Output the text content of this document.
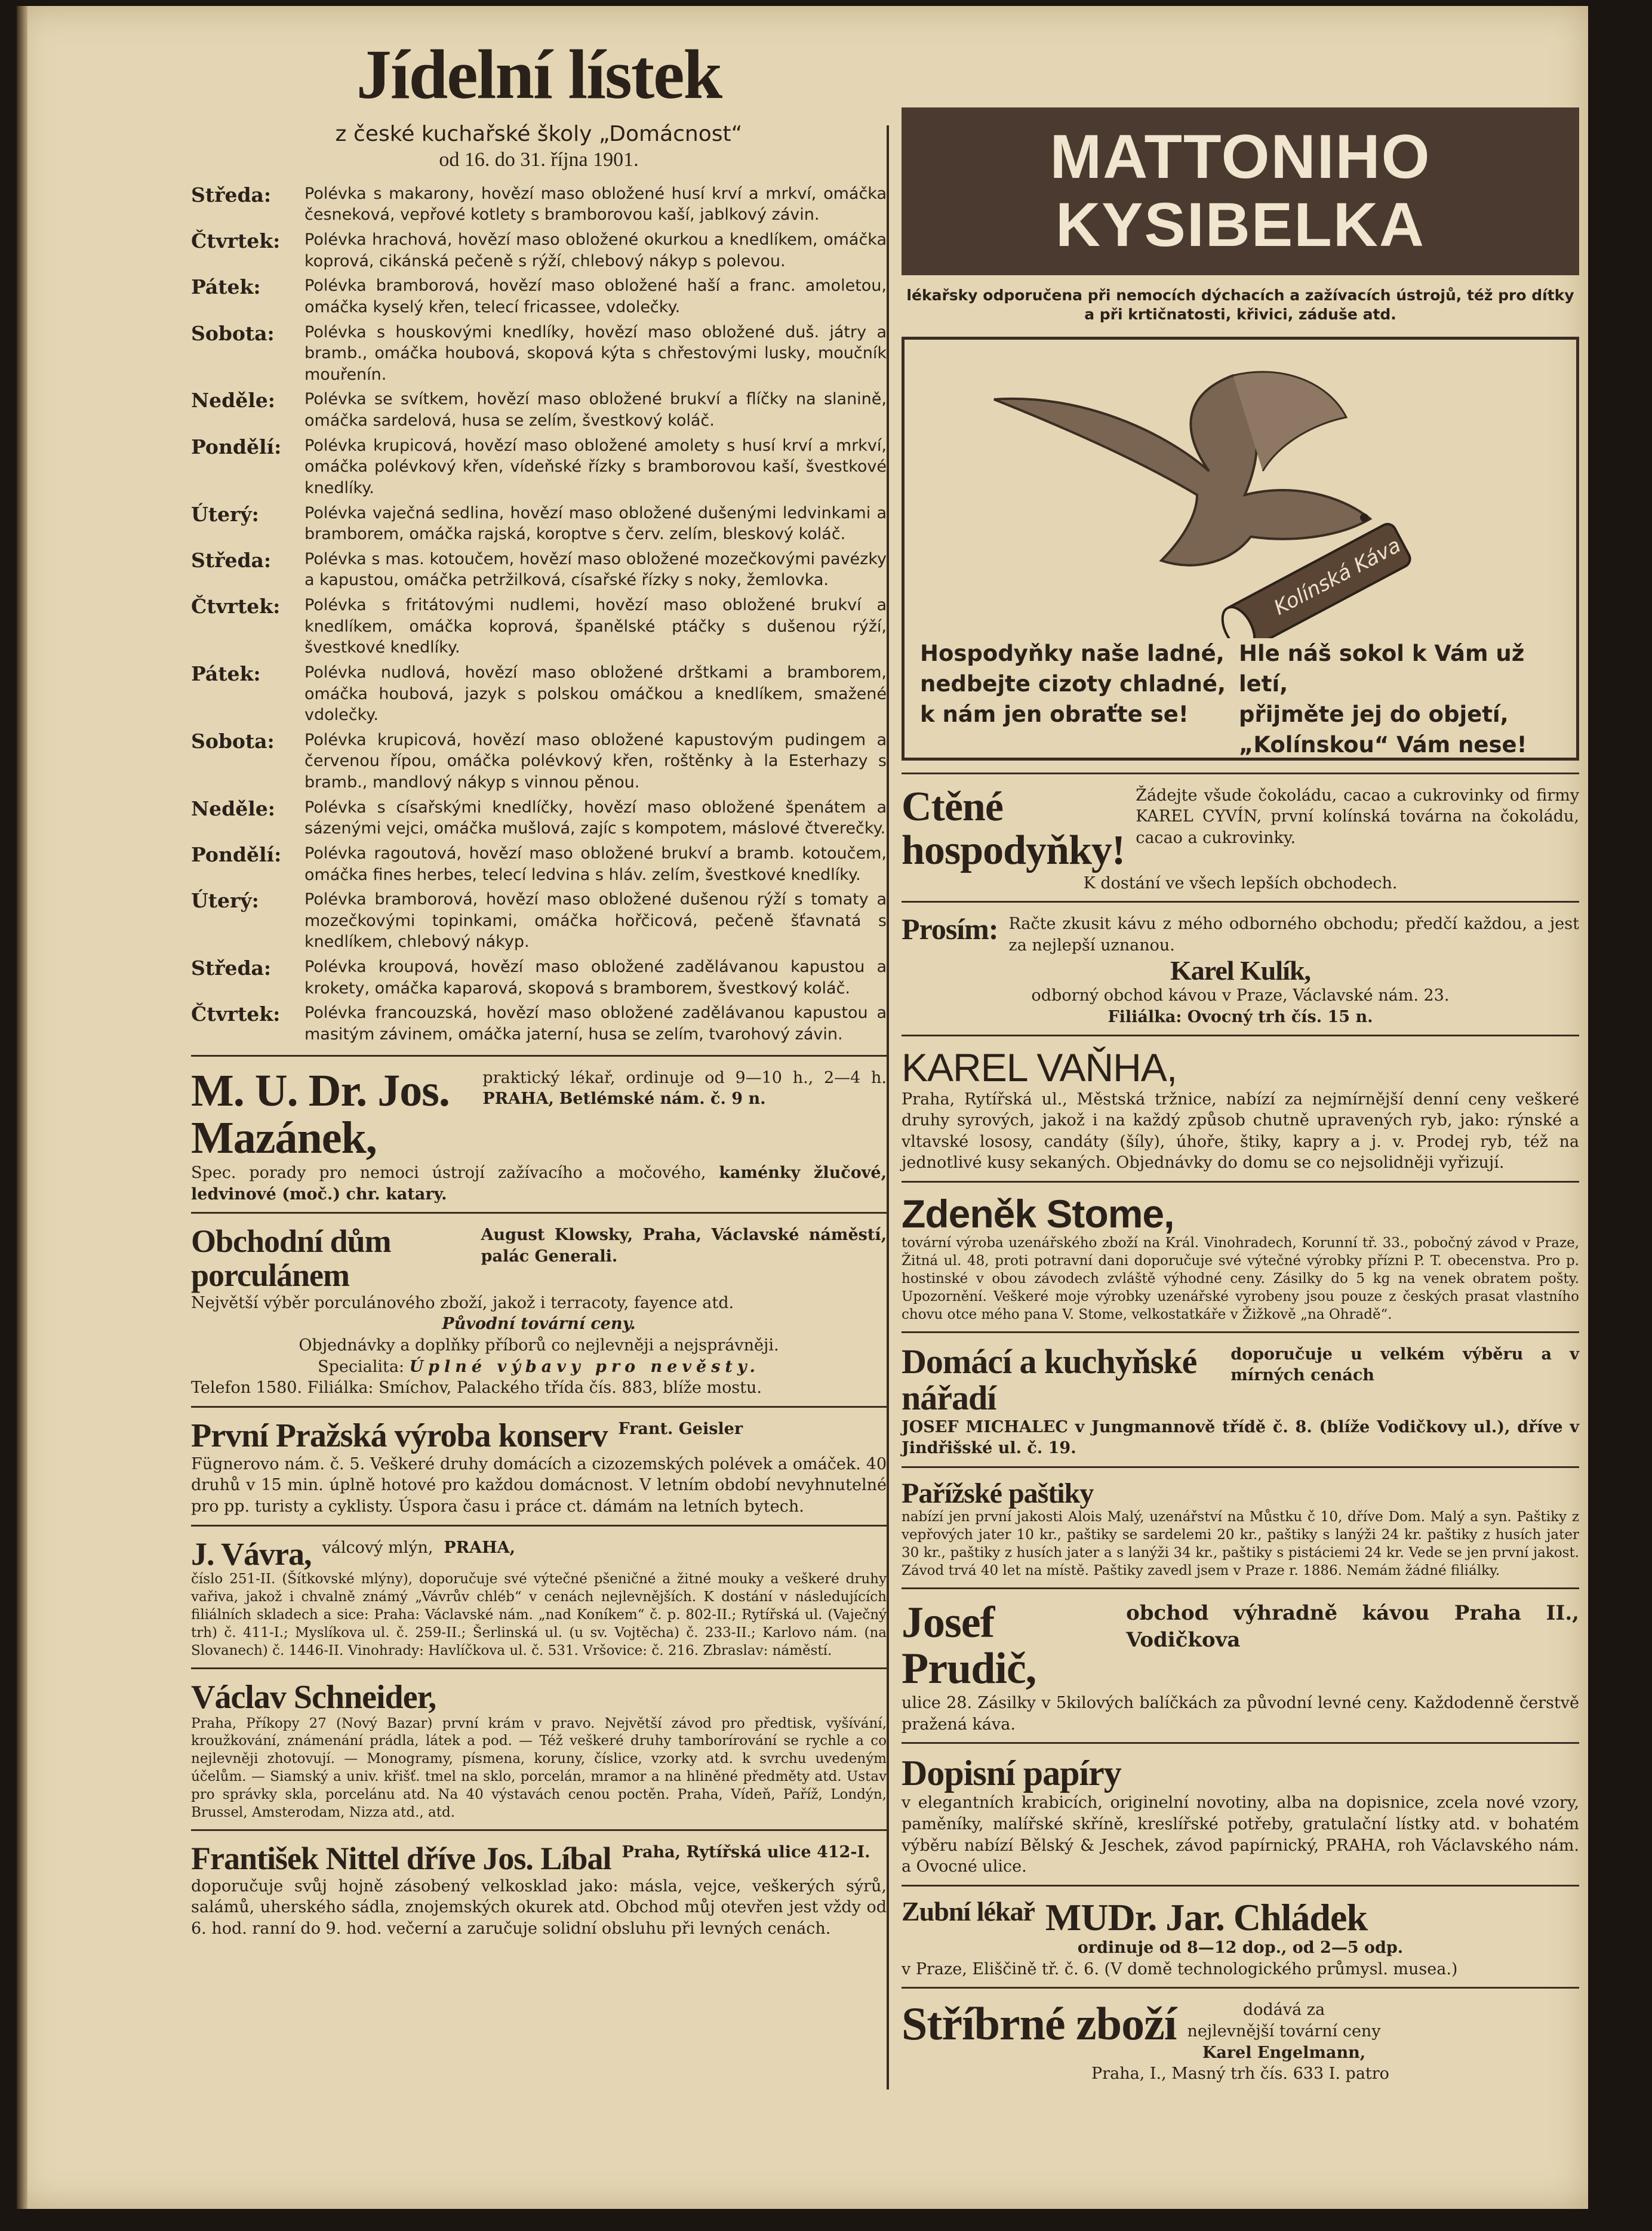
Jídelní lístek
z české kuchařské školy „Domácnost“
od 16. do 31. října 1901.
Středa:	Polévka s makarony, hovězí maso obložené husí krví a mrkví, omáčka česneková, vepřové kotlety s bramborovou kaší, jablkový závin.
Čtvrtek:	Polévka hrachová, hovězí maso obložené okurkou a knedlíkem, omáčka koprová, cikánská pečeně s rýží, chlebový nákyp s polevou.
Pátek:	Polévka bramborová, hovězí maso obložené haší a franc. amoletou, omáčka kyselý křen, telecí fricassee, vdolečky.
Sobota:	Polévka s houskovými knedlíky, hovězí maso obložené duš. játry a bramb., omáčka houbová, skopová kýta s chřestovými lusky, moučník mouřenín.
Neděle:	Polévka se svítkem, hovězí maso obložené brukví a flíčky na slanině, omáčka sardelová, husa se zelím, švestkový koláč.
Pondělí:	Polévka krupicová, hovězí maso obložené amolety s husí krví a mrkví, omáčka polévkový křen, vídeňské řízky s bramborovou kaší, švestkové knedlíky.
Úterý:	Polévka vaječná sedlina, hovězí maso obložené dušenými ledvinkami a bramborem, omáčka rajská, koroptve s červ. zelím, bleskový koláč.
Středa:	Polévka s mas. kotoučem, hovězí maso obložené mozečkovými pavézky a kapustou, omáčka petržilková, císařské řízky s noky, žemlovka.
Čtvrtek:	Polévka s fritátovými nudlemi, hovězí maso obložené brukví a knedlíkem, omáčka koprová, španělské ptáčky s dušenou rýží, švestkové knedlíky.
Pátek:	Polévka nudlová, hovězí maso obložené drštkami a bramborem, omáčka houbová, jazyk s polskou omáčkou a knedlíkem, smažené vdolečky.
Sobota:	Polévka krupicová, hovězí maso obložené kapustovým pudingem a červenou řípou, omáčka polévkový křen, roštěnky à la Esterhazy s bramb., mandlový nákyp s vinnou pěnou.
Neděle:	Polévka s císařskými knedlíčky, hovězí maso obložené špenátem a sázenými vejci, omáčka mušlová, zajíc s kompotem, máslové čtverečky.
Pondělí:	Polévka ragoutová, hovězí maso obložené brukví a bramb. kotoučem, omáčka fines herbes, telecí ledvina s hláv. zelím, švestkové knedlíky.
Úterý:	Polévka bramborová, hovězí maso obložené dušenou rýží s tomaty a mozečkovými topinkami, omáčka hořčicová, pečeně šťavnatá s knedlíkem, chlebový nákyp.
Středa:	Polévka kroupová, hovězí maso obložené zadělávanou kapustou a krokety, omáčka kaparová, skopová s bramborem, švestkový koláč.
Čtvrtek:	Polévka francouzská, hovězí maso obložené zadělávanou kapustou a masitým závinem, omáčka jaterní, husa se zelím, tvarohový závin.
M. U. Dr. Jos. Mazánek,
praktický lékař, ordinuje od 9—10 h., 2—4 h. PRAHA, Betlémské nám. č. 9 n.
Spec. porady pro nemoci ústrojí zažívacího a močového, kaménky žlučové, ledvinové (moč.) chr. katary.
Obchodní dům porculánem
August Klowsky, Praha, Václavské náměstí, palác Generali.
Největší výběr porculánového zboží, jakož i terracoty, fayence atd.
Původní tovární ceny.
Objednávky a doplňky příborů co nejlevněji a nejsprávněji.
Specialita: Úplné výbavy pro nevěsty.
Telefon 1580. Filiálka: Smíchov, Palackého třída čís. 883, blíže mostu.
První Pražská výroba konserv Frant. Geisler
Fügnerovo nám. č. 5. Veškeré druhy domácích a cizozemských polévek a omáček. 40 druhů v 15 min. úplně hotové pro každou domácnost. V letním období nevyhnutelné pro pp. turisty a cyklisty. Úspora času i práce ct. dámám na letních bytech.
J. Vávra, válcový mlýn, PRAHA,
číslo 251-II. (Šítkovské mlýny), doporučuje své výtečné pšeničné a žitné mouky a veškeré druhy vařiva, jakož i chvalně známý „Vávrův chléb“ v cenách nejlevnějších. K dostání v následujících filiálních skladech a sice: Praha: Václavské nám. „nad Koníkem“ č. p. 802-II.; Rytířská ul. (Vaječný trh) č. 411-I.; Myslíkova ul. č. 259-II.; Šerlinská ul. (u sv. Vojtěcha) č. 233-II.; Karlovo nám. (na Slovanech) č. 1446-II. Vinohrady: Havlíčkova ul. č. 531. Vršovice: č. 216. Zbraslav: náměstí.
Václav Schneider,
Praha, Příkopy 27 (Nový Bazar) první krám v pravo. Největší závod pro předtisk, vyšívání, kroužkování, známenání prádla, látek a pod. — Též veškeré druhy tamborírování se rychle a co nejlevněji zhotovují. — Monogramy, písmena, koruny, číslice, vzorky atd. k svrchu uvedeným účelům. — Siamský a univ. křišť. tmel na sklo, porcelán, mramor a na hliněné předměty atd. Ustav pro správky skla, porcelánu atd. Na 40 výstavách cenou poctěn. Praha, Vídeň, Paříž, Londýn, Brussel, Amsterodam, Nizza atd., atd.
František Nittel dříve Jos. Líbal Praha, Rytířská ulice 412-I.
doporučuje svůj hojně zásobený velkosklad jako: másla, vejce, veškerých sýrů, salámů, uherského sádla, znojemských okurek atd. Obchod můj otevřen jest vždy od 6. hod. ranní do 9. hod. večerní a zaručuje solidní obsluhu při levných cenách.
MATTONIHO KYSIBELKA
lékařsky odporučena při nemocích dýchacích a zažívacích ústrojů, též pro dítky a při krtičnatosti, křivici, záduše atd.
Kolínská Káva
Hospodyňky naše ladné,
nedbejte cizoty chladné,
k nám jen obraťte se!
Hle náš sokol k Vám už letí,
přijměte jej do objetí,
„Kolínskou“ Vám nese!
Ctěné hospodyňky!
Žádejte všude čokoládu, cacao a cukrovinky od firmy KAREL CYVÍN, první kolínská továrna na čokoládu, cacao a cukrovinky.
K dostání ve všech lepších obchodech.
Prosím: Račte zkusit kávu z mého odborného obchodu; předčí každou, a jest za nejlepší uznanou.
Karel Kulík,
odborný obchod kávou v Praze, Václavské nám. 23.
Filiálka: Ovocný trh čís. 15 n.
KAREL VAŇHA,
Praha, Rytířská ul., Městská tržnice, nabízí za nejmírnější denní ceny veškeré druhy syrových, jakož i na každý způsob chutně upravených ryb, jako: rýnské a vltavské lososy, candáty (šíly), úhoře, štiky, kapry a j. v. Prodej ryb, též na jednotlivé kusy sekaných. Objednávky do domu se co nejsolidněji vyřizují.
Zdeněk Stome,
tovární výroba uzenářského zboží na Král. Vinohradech, Korunní tř. 33., pobočný závod v Praze, Žitná ul. 48, proti potravní dani doporučuje své výtečné výrobky přízni P. T. obecenstva. Pro p. hostinské v obou závodech zvláště výhodné ceny. Zásilky do 5 kg na venek obratem pošty. Upozornění. Veškeré moje výrobky uzenářské vyrobeny jsou pouze z českých prasat vlastního chovu otce mého pana V. Stome, velkostatkáře v Žižkově „na Ohradě“.
Domácí a kuchyňské nářadí
doporučuje u velkém výběru a v mírných cenách
JOSEF MICHALEC v Jungmannově třídě č. 8. (blíže Vodičkovy ul.), dříve v Jindřišské ul. č. 19.
Pařížské paštiky
nabízí jen první jakosti Alois Malý, uzenářství na Můstku č 10, dříve Dom. Malý a syn. Paštiky z vepřových jater 10 kr., paštiky se sardelemi 20 kr., paštiky s lanýži 24 kr. paštiky z husích jater 30 kr., paštiky z husích jater a s lanýži 34 kr., paštiky s pistáciemi 24 kr. Vede se jen první jakost. Závod trvá 40 let na místě. Paštiky zavedl jsem v Praze r. 1886. Nemám žádné filiálky.
Josef Prudič,
obchod výhradně kávou Praha II., Vodičkova
ulice 28. Zásilky v 5kilových balíčkách za původní levné ceny. Každodenně čerstvě pražená káva.
Dopisní papíry
v elegantních krabicích, originelní novotiny, alba na dopisnice, zcela nové vzory, paměníky, malířské skříně, kreslířské potřeby, gratulační lístky atd. v bohatém výběru nabízí Bělský & Jeschek, závod papírnický, PRAHA, roh Václavského nám. a Ovocné ulice.
Zubní lékař MUDr. Jar. Chládek
ordinuje od 8—12 dop., od 2—5 odp.
v Praze, Eliščině tř. č. 6. (V domě technologického průmysl. musea.)
Stříbrné zboží	dodává za
nejlevnější tovární ceny
Karel Engelmann,
Praha, I., Masný trh čís. 633 I. patro
